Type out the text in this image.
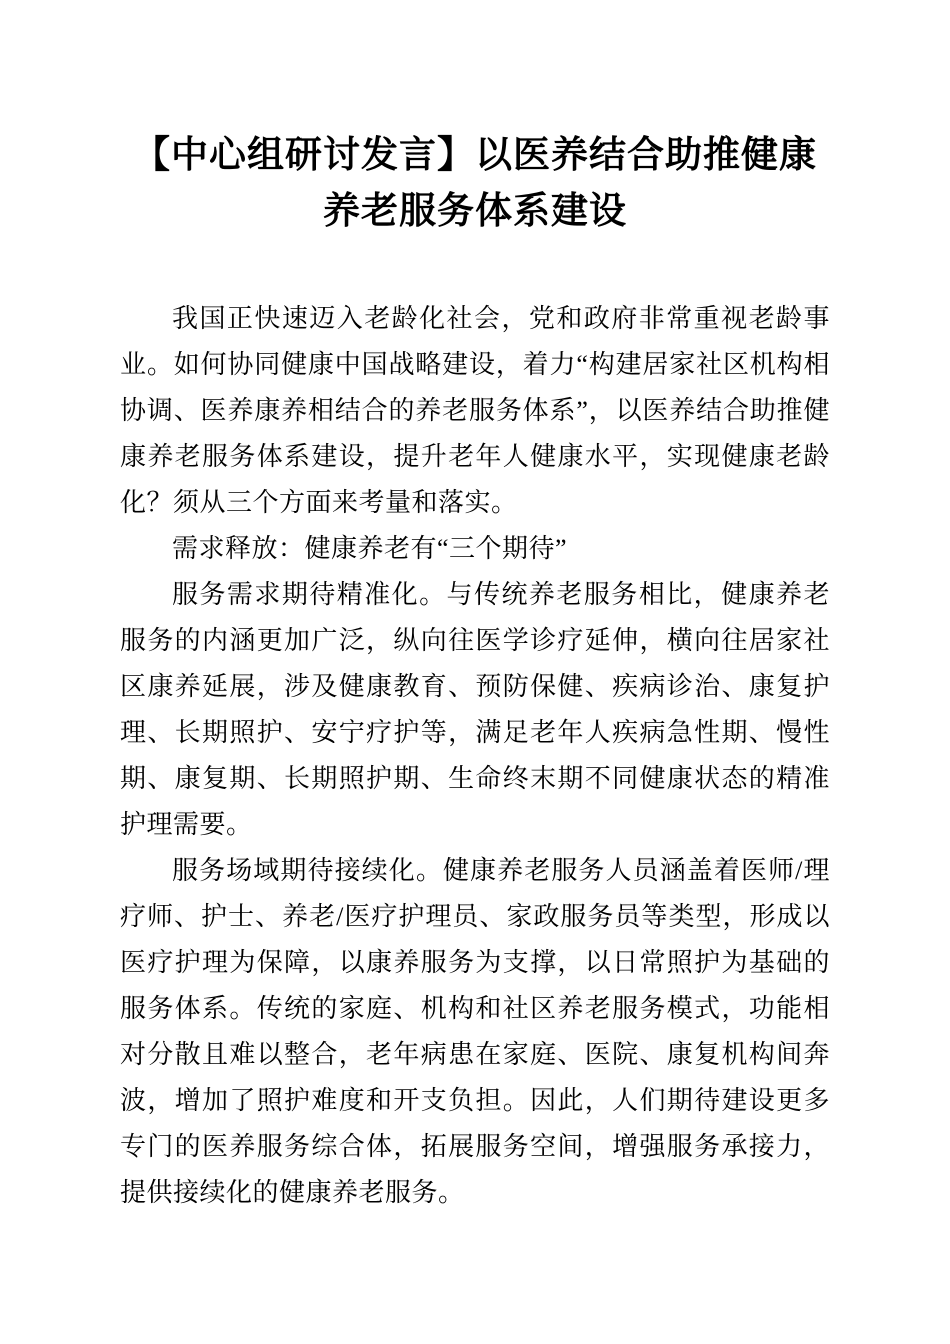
【中心组研讨发言】以医养结合助推健康养老服务体系建设

我国正快速迈入老龄化社会，党和政府非常重视老龄事业。如何协同健康中国战略建设，着力“构建居家社区机构相协调、医养康养相结合的养老服务体系”，以医养结合助推健康养老服务体系建设，提升老年人健康水平，实现健康老龄化？须从三个方面来考量和落实。

需求释放：健康养老有“三个期待”

服务需求期待精准化。与传统养老服务相比，健康养老服务的内涵更加广泛，纵向往医学诊疗延伸，横向往居家社区康养延展，涉及健康教育、预防保健、疾病诊治、康复护理、长期照护、安宁疗护等，满足老年人疾病急性期、慢性期、康复期、长期照护期、生命终末期不同健康状态的精准护理需要。

服务场域期待接续化。健康养老服务人员涵盖着医师/理疗师、护士、养老/医疗护理员、家政服务员等类型，形成以医疗护理为保障，以康养服务为支撑，以日常照护为基础的服务体系。传统的家庭、机构和社区养老服务模式，功能相对分散且难以整合，老年病患在家庭、医院、康复机构间奔波，增加了照护难度和开支负担。因此，人们期待建设更多专门的医养服务综合体，拓展服务空间，增强服务承接力，提供接续化的健康养老服务。
